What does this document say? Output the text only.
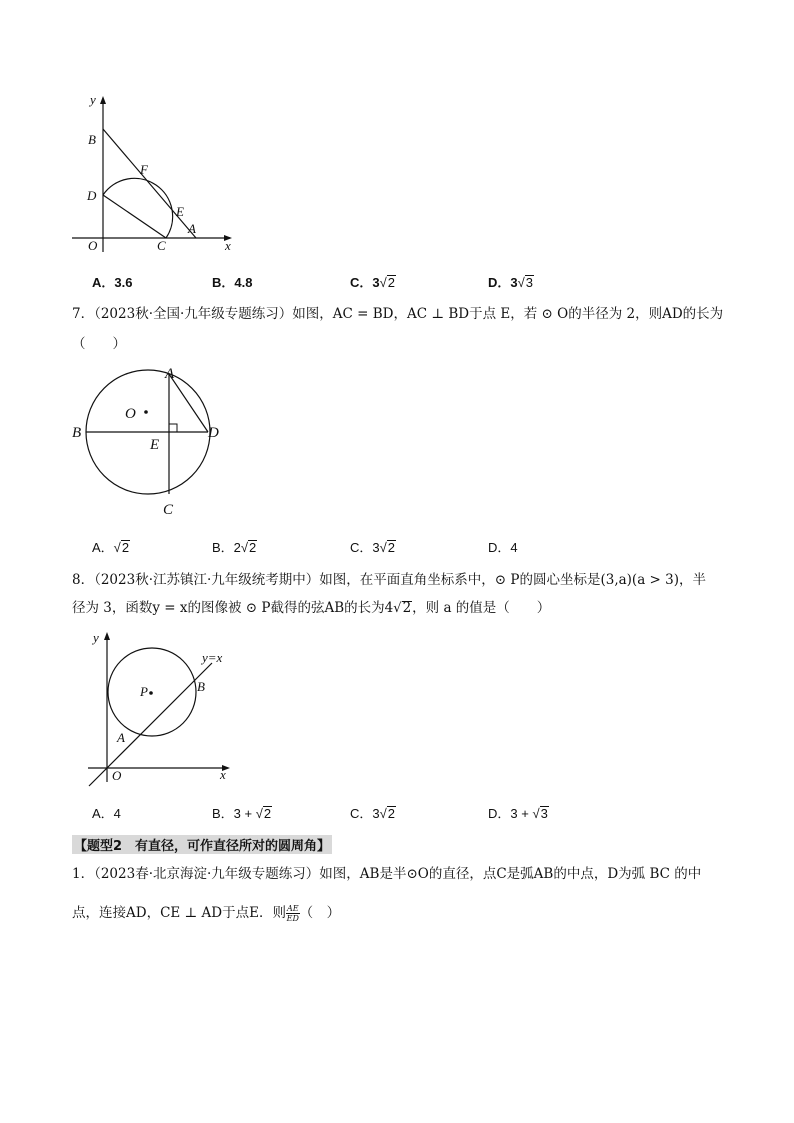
y
x
B
F
D
E
A
O	C
A．3.6	B．4.8	C．3√2	D．3√3
7．（2023秋·全国·九年级专题练习）如图，AC = BD，AC ⊥ BD于点 E，若 ⊙ O的半径为 2，则AD的长为
（　　）
A
O
B
E
D
C
A．√2	B．2√2	C．3√2	D．4
8．（2023秋·江苏镇江·九年级统考期中）如图，在平面直角坐标系中，⊙ P的圆心坐标是(3,a)(a > 3)，半
径为 3，函数y = x的图像被 ⊙ P截得的弦AB的长为4√2，则 a 的值是（　　）
y
y=x
P	B
A
O	x
A．4	B．3 + √2	C．3√2	D．3 + √3
【题型2　有直径，可作直径所对的圆周角】
1．（2023春·北京海淀·九年级专题练习）如图，AB是半⊙O的直径，点C是弧AB的中点，D为弧 BC 的中
点，连接AD，CE ⊥ AD于点E．则 $\frac{AE}{ED}$ （　）
